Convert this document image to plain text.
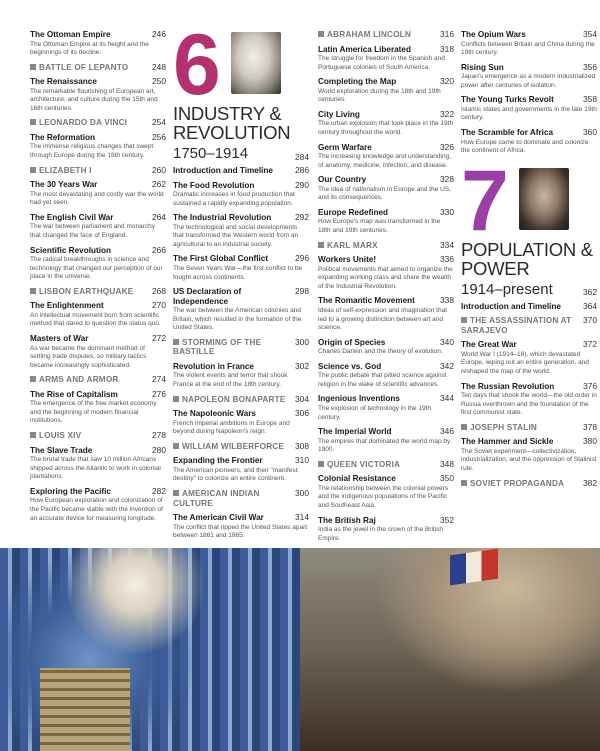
The Ottoman Empire	246
The Ottoman Empire at its height and the beginnings of its decline.
BATTLE OF LEPANTO	248
The Renaissance	250
The remarkable flourishing of European art, architecture, and culture during the 15th and 16th centuries.
LEONARDO DA VINCI	254
The Reformation	256
The immense religious changes that swept through Europe during the 16th century.
ELIZABETH I	260
The 30 Years War	262
The most devastating and costly war the world had yet seen.
The English Civil War	264
The war between parliament and monarchy that changed the face of England.
Scientific Revolution	266
The radical breakthroughs in science and technology that changed our perception of our place in the universe.
LISBON EARTHQUAKE	268
The Enlightenment	270
An intellectual movement born from scientific method that dared to question the status quo.
Masters of War	272
As war became the dominant method of settling trade disputes, so military tactics became increasingly sophisticated.
ARMS AND ARMOR	274
The Rise of Capitalism	276
The emergence of the free market economy and the beginning of modern financial institutions.
LOUIS XIV	278
The Slave Trade	280
The brutal trade that saw 10 million Africans shipped across the Atlantic to work in colonial plantations.
Exploring the Pacific	282
How European exploration and colonization of the Pacific became viable with the invention of an accurate device for measuring longitude.
6
INDUSTRY & REVOLUTION
1750–1914	284
Introduction and Timeline	286
The Food Revolution	290
Dramatic increases in food production that sustained a rapidly expanding population.
The Industrial Revolution	292
The technological and social developments that transformed the Western world from an agricultural to an industrial society.
The First Global Conflict	296
The Seven Years War—the first conflict to be fought across continents.
US Declaration of Independence
298
The war between the American colonies and Britain, which resulted in the formation of the United States.
STORMING OF THE BASTILLE
300
Revolution in France	302
The violent events and terror that shook France at the end of the 18th century.
NAPOLEON BONAPARTE	304
The Napoleonic Wars	306
French imperial ambitions in Europe and beyond during Napoleon's reign.
WILLIAM WILBERFORCE	308
Expanding the Frontier	310
The American pioneers, and their "manifest destiny" to colonize an entire continent.
AMERICAN INDIAN CULTURE
300
The American Civil War	314
The conflict that ripped the United States apart between 1861 and 1865.
ABRAHAM LINCOLN	316
Latin America Liberated	318
The struggle for freedom in the Spanish and Portuguese colonies of South America.
Completing the Map	320
World exploration during the 18th and 19th centuries.
City Living	322
The urban explosion that took place in the 19th century throughout the world.
Germ Warfare	326
The increasing knowledge and understanding, of anatomy, medicine, infection, and disease.
Our Country	328
The idea of nationalism in Europe and the US, and its consequences.
Europe Redefined	330
How Europe's map was transformed in the 18th and 19th centuries.
KARL MARX	334
Workers Unite!	336
Political movements that aimed to organize the expanding working class and share the wealth of the Industrial Revolution.
The Romantic Movement	338
Ideas of self-expression and imagination that led to a growing distinction between art and science.
Origin of Species	340
Charles Darwin and the theory of evolution.
Science vs. God	342
The public debate that pitted science against religion in the wake of scientific advances.
Ingenious Inventions	344
The explosion of technology in the 19th century.
The Imperial World	346
The empires that dominated the world map by 1900.
QUEEN VICTORIA	348
Colonial Resistance	350
The relationship between the colonial powers and the indigenous populations of the Pacific and Southeast Asia.
The British Raj	352
India as the jewel in the crown of the British Empire.
The Opium Wars	354
Conflicts between Britain and China during the 19th century.
Rising Sun	356
Japan's emergence as a modern industrialized power after centuries of isolation.
The Young Turks Revolt	358
Islamic states and governments in the late 19th century.
The Scramble for Africa	360
How Europe came to dominate and colonize the continent of Africa.
7
POPULATION & POWER
1914–present	362
Introduction and Timeline	364
THE ASSASSINATION AT SARAJEVO
370
The Great War	372
World War I (1914–18), which devastated Europe, wiping out an entire generation, and reshaped the map of the world.
The Russian Revolution	376
Ten days that shook the world—the old order in Russia overthrown and the foundation of the first communist state.
JOSEPH STALIN	378
The Hammer and Sickle	380
The Soviet experiment—collectivization, industrialization, and the oppression of Stalinist rule.
SOVIET PROPAGANDA	382
